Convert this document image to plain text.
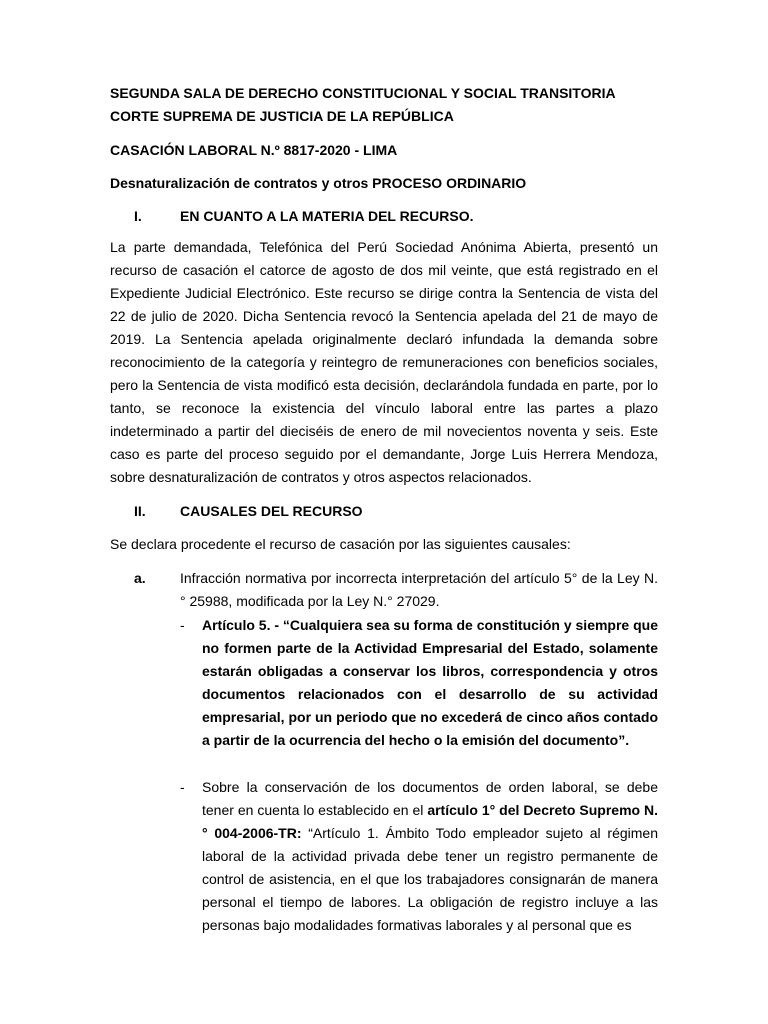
SEGUNDA SALA DE DERECHO CONSTITUCIONAL Y SOCIAL TRANSITORIA

CORTE SUPREMA DE JUSTICIA DE LA REPÚBLICA

CASACIÓN LABORAL N.º 8817-2020 - LIMA

Desnaturalización de contratos y otros PROCESO ORDINARIO

I.	EN CUANTO A LA MATERIA DEL RECURSO.

La parte demandada, Telefónica del Perú Sociedad Anónima Abierta, presentó un recurso de casación el catorce de agosto de dos mil veinte, que está registrado en el Expediente Judicial Electrónico. Este recurso se dirige contra la Sentencia de vista del 22 de julio de 2020. Dicha Sentencia revocó la Sentencia apelada del 21 de mayo de 2019. La Sentencia apelada originalmente declaró infundada la demanda sobre reconocimiento de la categoría y reintegro de remuneraciones con beneficios sociales, pero la Sentencia de vista modificó esta decisión, declarándola fundada en parte, por lo tanto, se reconoce la existencia del vínculo laboral entre las partes a plazo indeterminado a partir del dieciséis de enero de mil novecientos noventa y seis. Este caso es parte del proceso seguido por el demandante, Jorge Luis Herrera Mendoza, sobre desnaturalización de contratos y otros aspectos relacionados.

II. CAUSALES DEL RECURSO

Se declara procedente el recurso de casación por las siguientes causales:

a. Infracción normativa por incorrecta interpretación del artículo 5° de la Ley N.° 25988, modificada por la Ley N.° 27029.

- Artículo 5. - “Cualquiera sea su forma de constitución y siempre que no formen parte de la Actividad Empresarial del Estado, solamente estarán obligadas a conservar los libros, correspondencia y otros documentos relacionados con el desarrollo de su actividad empresarial, por un periodo que no excederá de cinco años contado a partir de la ocurrencia del hecho o la emisión del documento”.

- Sobre la conservación de los documentos de orden laboral, se debe tener en cuenta lo establecido en el artículo 1° del Decreto Supremo N.° 004-2006-TR: “Artículo 1. Ámbito Todo empleador sujeto al régimen laboral de la actividad privada debe tener un registro permanente de control de asistencia, en el que los trabajadores consignarán de manera personal el tiempo de labores. La obligación de registro incluye a las personas bajo modalidades formativas laborales y al personal que es
